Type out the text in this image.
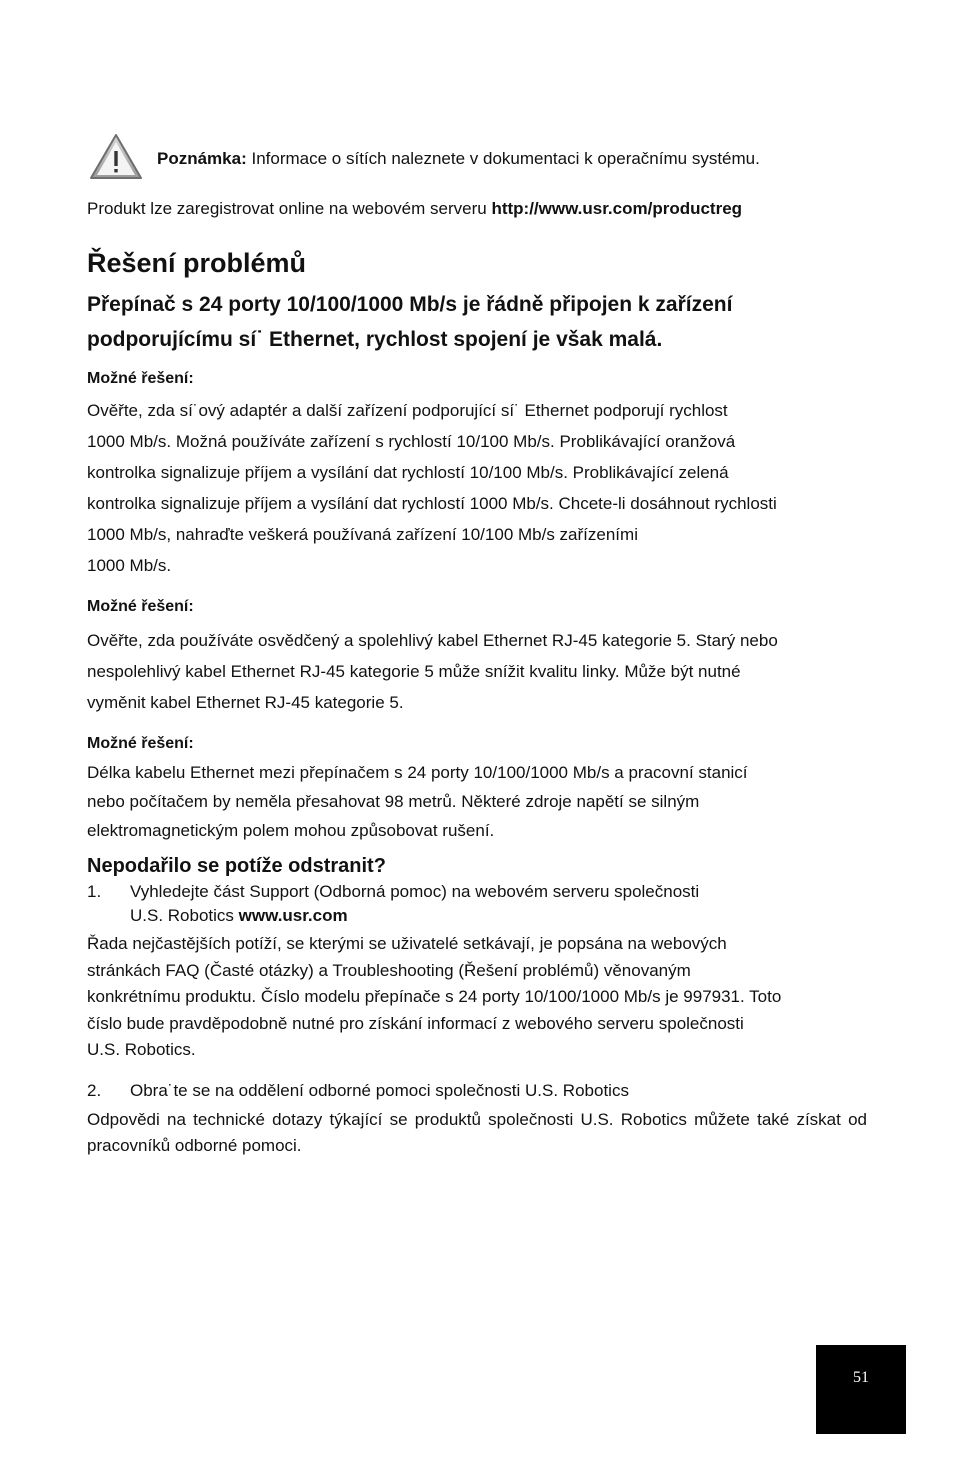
Poznámka: Informace o sítích naleznete v dokumentaci k operačnímu systému.
Produkt lze zaregistrovat online na webovém serveru http://www.usr.com/productreg
Řešení problémů
Přepínač s 24 porty 10/100/1000 Mb/s je řádně připojen k zařízení
podporujícímu sí˙ Ethernet, rychlost spojení je však malá.
Možné řešení:
Ověřte, zda sí˙ový adaptér a další zařízení podporující sí˙ Ethernet podporují rychlost
1000 Mb/s. Možná používáte zařízení s rychlostí 10/100 Mb/s. Problikávající oranžová
kontrolka signalizuje příjem a vysílání dat rychlostí 10/100 Mb/s. Problikávající zelená
kontrolka signalizuje příjem a vysílání dat rychlostí 1000 Mb/s. Chcete-li dosáhnout rychlosti
1000 Mb/s, nahraďte veškerá používaná zařízení 10/100 Mb/s zařízeními
1000 Mb/s.
Možné řešení:
Ověřte, zda používáte osvědčený a spolehlivý kabel Ethernet RJ-45 kategorie 5. Starý nebo
nespolehlivý kabel Ethernet RJ-45 kategorie 5 může snížit kvalitu linky. Může být nutné
vyměnit kabel Ethernet RJ-45 kategorie 5.
Možné řešení:
Délka kabelu Ethernet mezi přepínačem s 24 porty 10/100/1000 Mb/s a pracovní stanicí
nebo počítačem by neměla přesahovat 98 metrů. Některé zdroje napětí se silným
elektromagnetickým polem mohou způsobovat rušení.
Nepodařilo se potíže odstranit?
1. Vyhledejte část Support (Odborná pomoc) na webovém serveru společnosti
U.S. Robotics www.usr.com
Řada nejčastějších potíží, se kterými se uživatelé setkávají, je popsána na webových
stránkách FAQ (Časté otázky) a Troubleshooting (Řešení problémů) věnovaným
konkrétnímu produktu. Číslo modelu přepínače s 24 porty 10/100/1000 Mb/s je 997931. Toto
číslo bude pravděpodobně nutné pro získání informací z webového serveru společnosti
U.S. Robotics.
2. Obra˙te se na oddělení odborné pomoci společnosti U.S. Robotics
Odpovědi na technické dotazy týkající se produktů společnosti U.S. Robotics můžete také získat od pracovníků odborné pomoci.
51
